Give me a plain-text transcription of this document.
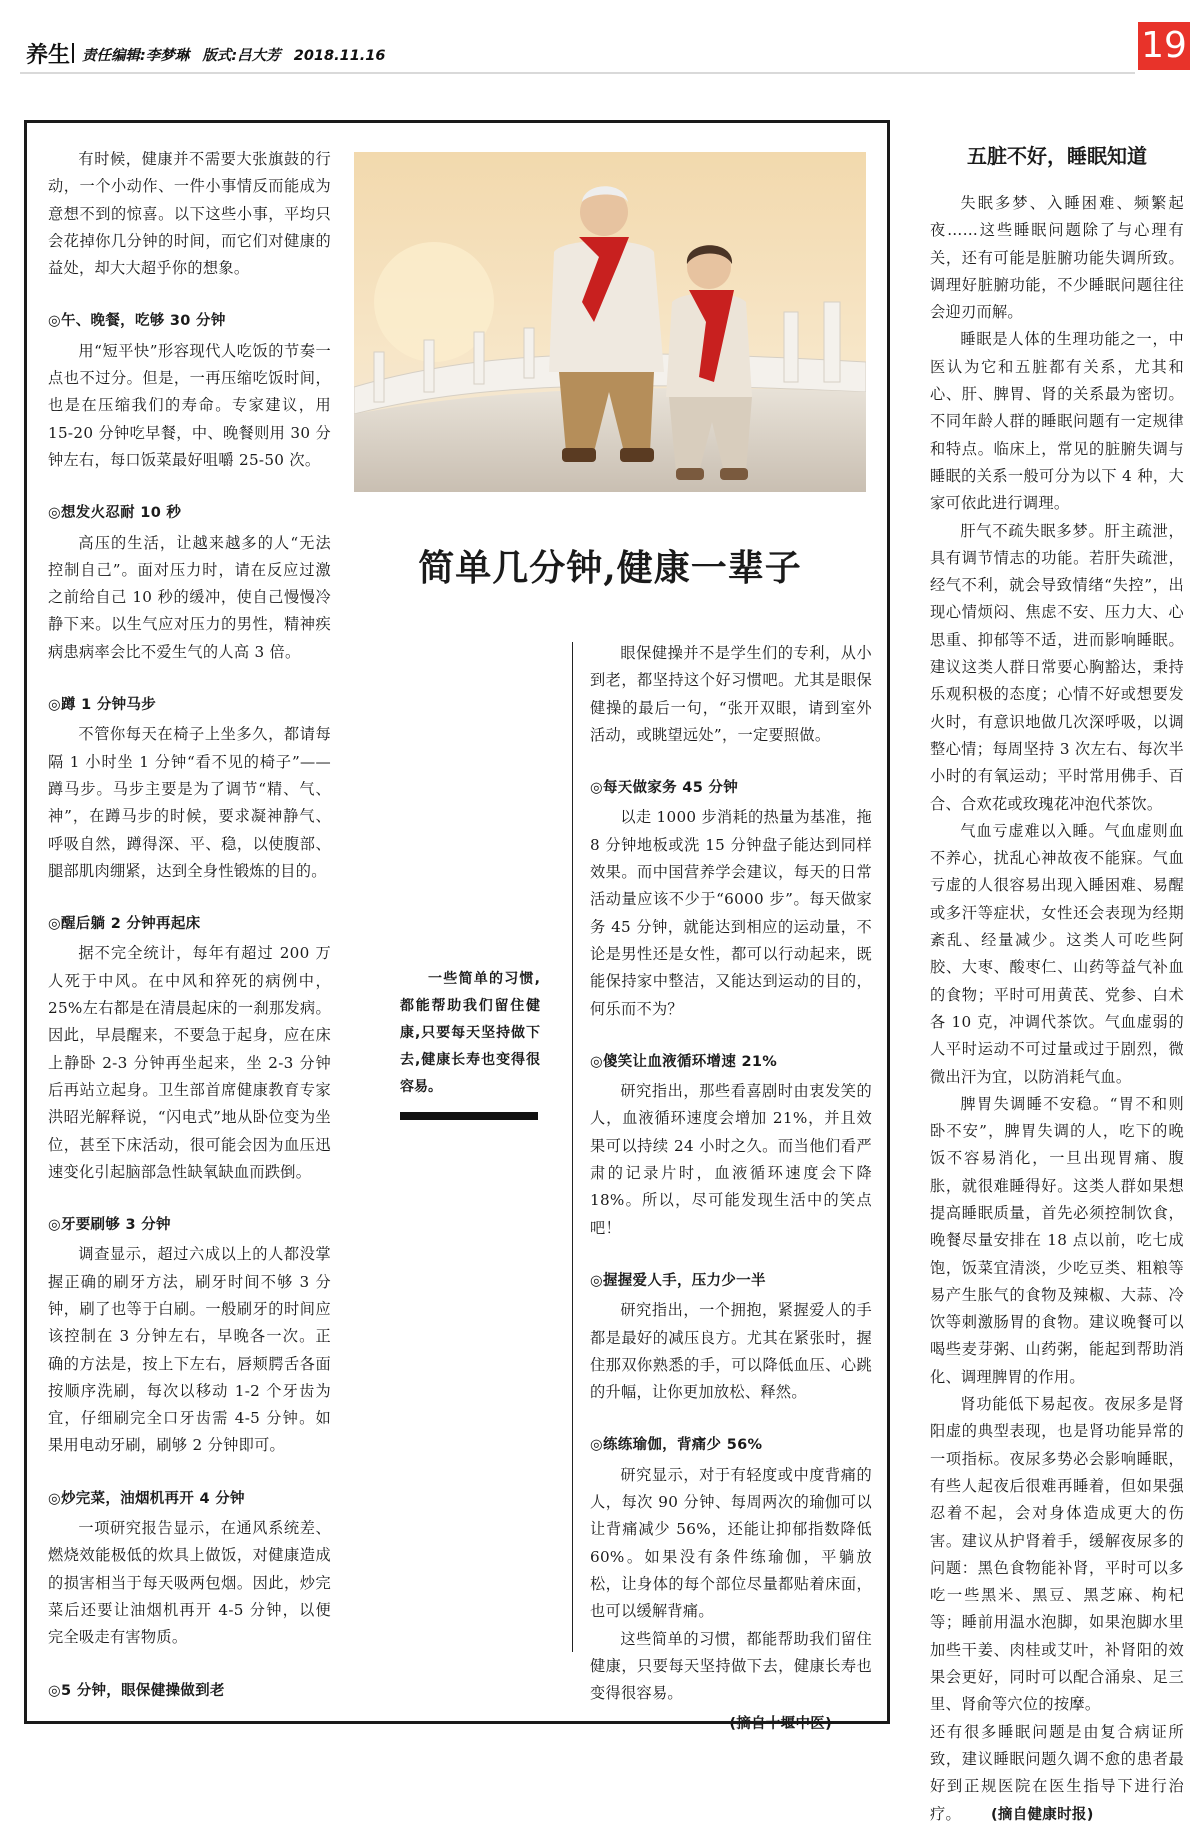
养生 责任编辑:李梦琳 版式:吕大芳 2018.11.16	19

有时候，健康并不需要大张旗鼓的行动，一个小动作、一件小事情反而能成为意想不到的惊喜。以下这些小事，平均只会花掉你几分钟的时间，而它们对健康的益处，却大大超乎你的想象。

◎午、晚餐，吃够 30 分钟

用“短平快”形容现代人吃饭的节奏一点也不过分。但是，一再压缩吃饭时间，也是在压缩我们的寿命。专家建议，用 15-20 分钟吃早餐，中、晚餐则用 30 分钟左右，每口饭菜最好咀嚼 25-50 次。

◎想发火忍耐 10 秒

高压的生活，让越来越多的人“无法控制自己”。面对压力时，请在反应过激之前给自己 10 秒的缓冲，使自己慢慢冷静下来。以生气应对压力的男性，精神疾病患病率会比不爱生气的人高 3 倍。

◎蹲 1 分钟马步

不管你每天在椅子上坐多久，都请每隔 1 小时坐 1 分钟“看不见的椅子”——蹲马步。马步主要是为了调节“精、气、神”，在蹲马步的时候，要求凝神静气、呼吸自然，蹲得深、平、稳，以使腹部、腿部肌肉绷紧，达到全身性锻炼的目的。

◎醒后躺 2 分钟再起床

据不完全统计，每年有超过 200 万人死于中风。在中风和猝死的病例中，25%左右都是在清晨起床的一刹那发病。因此，早晨醒来，不要急于起身，应在床上静卧 2-3 分钟再坐起来，坐 2-3 分钟后再站立起身。卫生部首席健康教育专家洪昭光解释说，“闪电式”地从卧位变为坐位，甚至下床活动，很可能会因为血压迅速变化引起脑部急性缺氧缺血而跌倒。

◎牙要刷够 3 分钟

调查显示，超过六成以上的人都没掌握正确的刷牙方法，刷牙时间不够 3 分钟，刷了也等于白刷。一般刷牙的时间应该控制在 3 分钟左右，早晚各一次。正确的方法是，按上下左右，唇颊腭舌各面按顺序洗刷，每次以移动 1-2 个牙齿为宜，仔细刷完全口牙齿需 4-5 分钟。如果用电动牙刷，刷够 2 分钟即可。

◎炒完菜，油烟机再开 4 分钟

一项研究报告显示，在通风系统差、燃烧效能极低的炊具上做饭，对健康造成的损害相当于每天吸两包烟。因此，炒完菜后还要让油烟机再开 4-5 分钟，以便完全吸走有害物质。

◎5 分钟，眼保健操做到老

简单几分钟,健康一辈子

一些简单的习惯,都能帮助我们留住健康,只要每天坚持做下去,健康长寿也变得很容易。

眼保健操并不是学生们的专利，从小到老，都坚持这个好习惯吧。尤其是眼保健操的最后一句，“张开双眼，请到室外活动，或眺望远处”，一定要照做。

◎每天做家务 45 分钟

以走 1000 步消耗的热量为基准，拖 8 分钟地板或洗 15 分钟盘子能达到同样效果。而中国营养学会建议，每天的日常活动量应该不少于“6000 步”。每天做家务 45 分钟，就能达到相应的运动量，不论是男性还是女性，都可以行动起来，既能保持家中整洁，又能达到运动的目的，何乐而不为？

◎傻笑让血液循环增速 21%

研究指出，那些看喜剧时由衷发笑的人，血液循环速度会增加 21%，并且效果可以持续 24 小时之久。而当他们看严肃的记录片时，血液循环速度会下降 18%。所以，尽可能发现生活中的笑点吧！

◎握握爱人手，压力少一半

研究指出，一个拥抱，紧握爱人的手都是最好的减压良方。尤其在紧张时，握住那双你熟悉的手，可以降低血压、心跳的升幅，让你更加放松、释然。

◎练练瑜伽，背痛少 56%

研究显示，对于有轻度或中度背痛的人，每次 90 分钟、每周两次的瑜伽可以让背痛减少 56%，还能让抑郁指数降低 60%。如果没有条件练瑜伽，平躺放松，让身体的每个部位尽量都贴着床面，也可以缓解背痛。

这些简单的习惯，都能帮助我们留住健康，只要每天坚持做下去，健康长寿也变得很容易。

(摘自十堰中医)
五脏不好，睡眠知道

失眠多梦、入睡困难、频繁起夜……这些睡眠问题除了与心理有关，还有可能是脏腑功能失调所致。调理好脏腑功能，不少睡眠问题往往会迎刃而解。

睡眠是人体的生理功能之一，中医认为它和五脏都有关系，尤其和心、肝、脾胃、肾的关系最为密切。不同年龄人群的睡眠问题有一定规律和特点。临床上，常见的脏腑失调与睡眠的关系一般可分为以下 4 种，大家可依此进行调理。

肝气不疏失眠多梦。肝主疏泄，具有调节情志的功能。若肝失疏泄，经气不利，就会导致情绪“失控”，出现心情烦闷、焦虑不安、压力大、心思重、抑郁等不适，进而影响睡眠。建议这类人群日常要心胸豁达，秉持乐观积极的态度；心情不好或想要发火时，有意识地做几次深呼吸，以调整心情；每周坚持 3 次左右、每次半小时的有氧运动；平时常用佛手、百合、合欢花或玫瑰花冲泡代茶饮。

气血亏虚难以入睡。气血虚则血不养心，扰乱心神故夜不能寐。气血亏虚的人很容易出现入睡困难、易醒或多汗等症状，女性还会表现为经期紊乱、经量减少。这类人可吃些阿胶、大枣、酸枣仁、山药等益气补血的食物；平时可用黄芪、党参、白术各 10 克，冲调代茶饮。气血虚弱的人平时运动不可过量或过于剧烈，微微出汗为宜，以防消耗气血。

脾胃失调睡不安稳。“胃不和则卧不安”，脾胃失调的人，吃下的晚饭不容易消化，一旦出现胃痛、腹胀，就很难睡得好。这类人群如果想提高睡眠质量，首先必须控制饮食，晚餐尽量安排在 18 点以前，吃七成饱，饭菜宜清淡，少吃豆类、粗粮等易产生胀气的食物及辣椒、大蒜、冷饮等刺激肠胃的食物。建议晚餐可以喝些麦芽粥、山药粥，能起到帮助消化、调理脾胃的作用。

肾功能低下易起夜。夜尿多是肾阳虚的典型表现，也是肾功能异常的一项指标。夜尿多势必会影响睡眠，有些人起夜后很难再睡着，但如果强忍着不起，会对身体造成更大的伤害。建议从护肾着手，缓解夜尿多的问题：黑色食物能补肾，平时可以多吃一些黑米、黑豆、黑芝麻、枸杞等；睡前用温水泡脚，如果泡脚水里加些干姜、肉桂或艾叶，补肾阳的效果会更好，同时可以配合涌泉、足三里、肾俞等穴位的按摩。

还有很多睡眠问题是由复合病证所致，建议睡眠问题久调不愈的患者最好到正规医院在医生指导下进行治疗。 (摘自健康时报)
